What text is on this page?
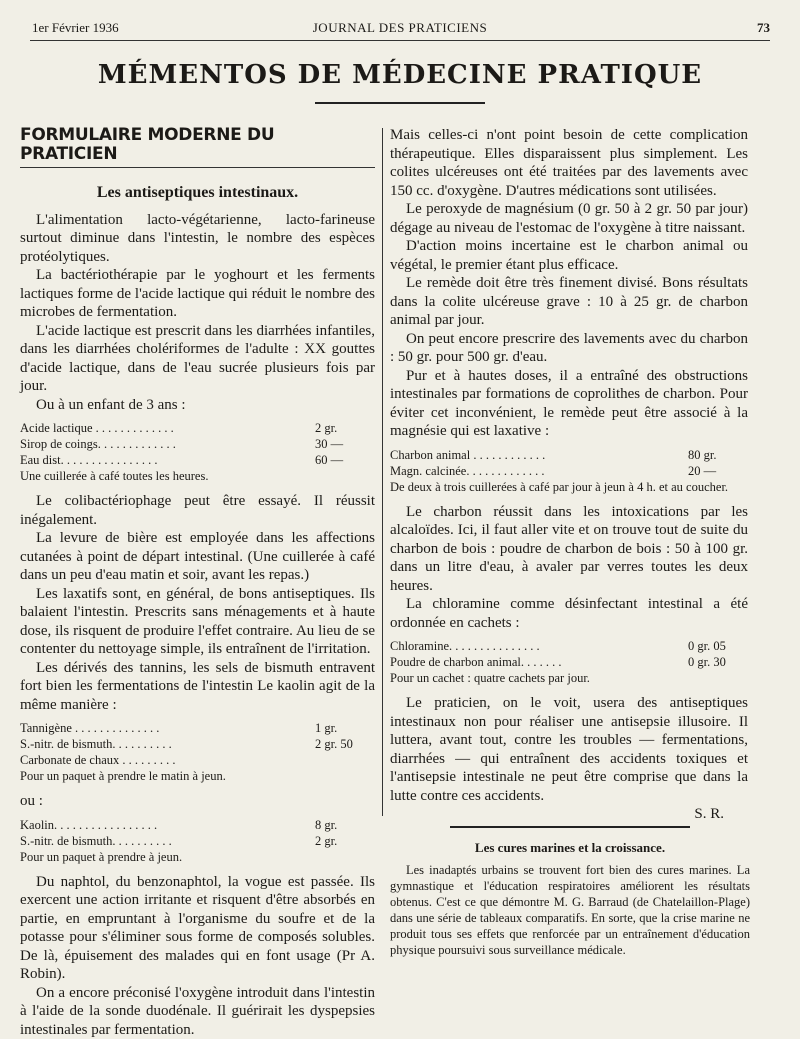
1er Février 1936	JOURNAL DES PRATICIENS	73
MÉMENTOS DE MÉDECINE PRATIQUE
FORMULAIRE MODERNE DU PRATICIEN
Les antiseptiques intestinaux.

L'alimentation lacto-végétarienne, lacto-farineuse surtout diminue dans l'intestin, le nombre des espèces protéolytiques.

La bactériothérapie par le yoghourt et les ferments lactiques forme de l'acide lactique qui réduit le nombre des microbes de fermentation.

L'acide lactique est prescrit dans les diarrhées infantiles, dans les diarrhées cholériformes de l'adulte : XX gouttes d'acide lactique, dans de l'eau sucrée plusieurs fois par jour.

Ou à un enfant de 3 ans :

Acide lactique . . . . . . . . . . . . .	2 gr.
Sirop de coings. . . . . . . . . . . . .	30 —
Eau dist. . . . . . . . . . . . . . . .	60 —
Une cuillerée à café toutes les heures.

Le colibactériophage peut être essayé. Il réussit inégalement.

La levure de bière est employée dans les affections cutanées à point de départ intestinal. (Une cuillerée à café dans un peu d'eau matin et soir, avant les repas.)

Les laxatifs sont, en général, de bons antiseptiques. Ils balaient l'intestin. Prescrits sans ménagements et à haute dose, ils risquent de produire l'effet contraire. Au lieu de se contenter du nettoyage simple, ils entraînent de l'irritation.

Les dérivés des tannins, les sels de bismuth entravent fort bien les fermentations de l'intestin Le kaolin agit de la même manière :

Tannigène . . . . . . . . . . . . . .	1 gr.
S.-nitr. de bismuth. . . . . . . . . .	2 gr. 50
Carbonate de chaux . . . . . . . . .
Pour un paquet à prendre le matin à jeun.

ou :

Kaolin. . . . . . . . . . . . . . . . .	8 gr.
S.-nitr. de bismuth. . . . . . . . . .	2 gr.
Pour un paquet à prendre à jeun.

Du naphtol, du benzonaphtol, la vogue est passée. Ils exercent une action irritante et risquent d'être absorbés en partie, en empruntant à l'organisme du soufre et de la potasse pour s'éliminer sous forme de composés solubles. De là, épuisement des malades qui en font usage (Pr A. Robin).

On a encore préconisé l'oxygène introduit dans l'intestin à l'aide de la sonde duodénale. Il guérirait les dyspepsies intestinales par fermentation.

Mais celles-ci n'ont point besoin de cette complication thérapeutique. Elles disparaissent plus simplement. Les colites ulcéreuses ont été traitées par des lavements avec 150 cc. d'oxygène. D'autres médications sont utilisées.

Le peroxyde de magnésium (0 gr. 50 à 2 gr. 50 par jour) dégage au niveau de l'estomac de l'oxygène à titre naissant.

D'action moins incertaine est le charbon animal ou végétal, le premier étant plus efficace.

Le remède doit être très finement divisé. Bons résultats dans la colite ulcéreuse grave : 10 à 25 gr. de charbon animal par jour.

On peut encore prescrire des lavements avec du charbon : 50 gr. pour 500 gr. d'eau.

Pur et à hautes doses, il a entraîné des obstructions intestinales par formations de coprolithes de charbon. Pour éviter cet inconvénient, le remède peut être associé à la magnésie qui est laxative :

Charbon animal . . . . . . . . . . . .	80 gr.
Magn. calcinée. . . . . . . . . . . . .	20 —
De deux à trois cuillerées à café par jour à jeun à 4 h. et au coucher.

Le charbon réussit dans les intoxications par les alcaloïdes. Ici, il faut aller vite et on trouve tout de suite du charbon de bois : poudre de charbon de bois : 50 à 100 gr. dans un litre d'eau, à avaler par verres toutes les deux heures.

La chloramine comme désinfectant intestinal a été ordonnée en cachets :

Chloramine. . . . . . . . . . . . . . .	0 gr. 05
Poudre de charbon animal. . . . . . .	0 gr. 30
Pour un cachet : quatre cachets par jour.

Le praticien, on le voit, usera des antiseptiques intestinaux non pour réaliser une antisepsie illusoire. Il luttera, avant tout, contre les troubles — fermentations, diarrhées — qui entraînent des accidents toxiques et l'antisepsie intestinale ne peut être comprise que dans la lutte contre ces accidents.

S. R.
Les cures marines et la croissance.

Les inadaptés urbains se trouvent fort bien des cures marines. La gymnastique et l'éducation respiratoires améliorent les résultats obtenus. C'est ce que démontre M. G. Barraud (de Chatelaillon-Plage) dans une série de tableaux comparatifs. En sorte, que la crise marine ne produit tous ses effets que renforcée par un entraînement d'éducation physique poursuivi sous surveillance médicale.
